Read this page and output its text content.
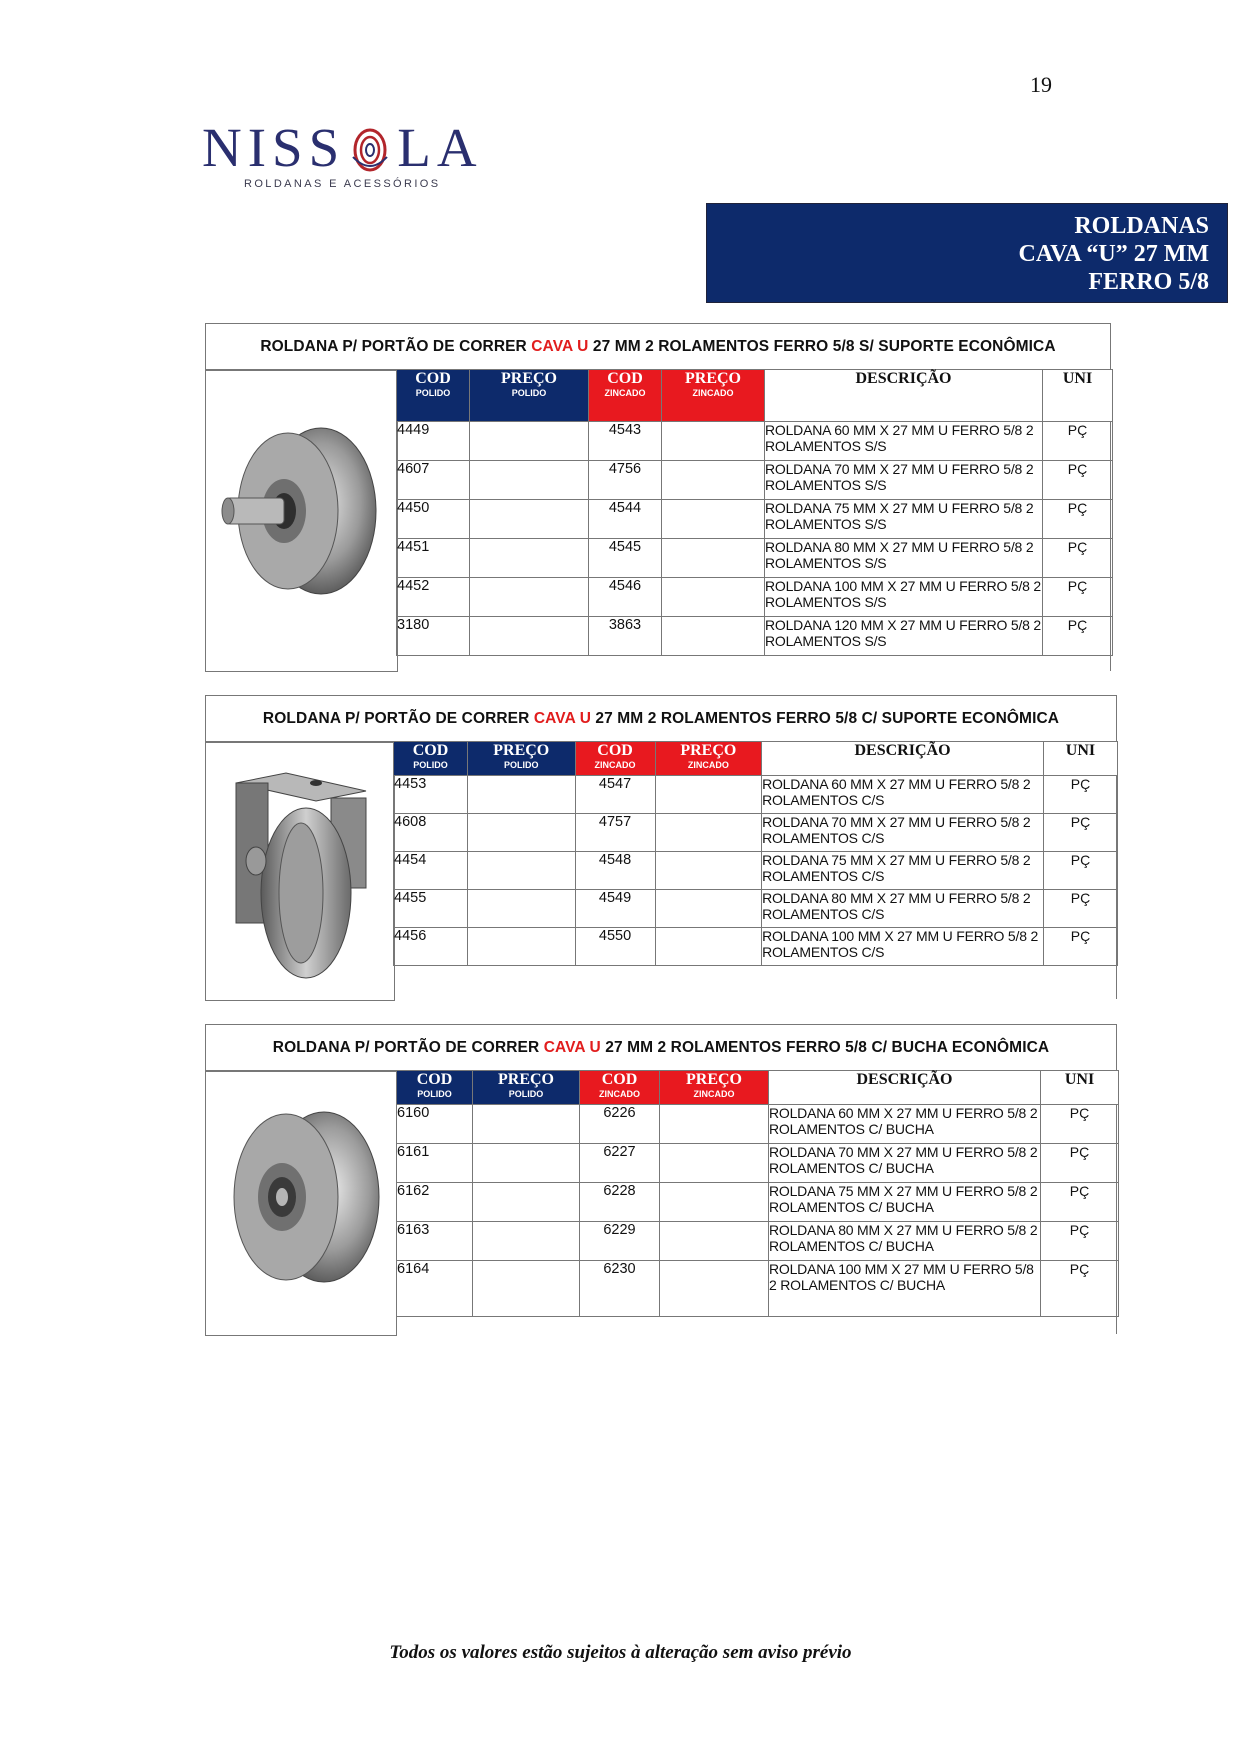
19
NISS LA
ROLDANAS E ACESSÓRIOS
ROLDANAS
CAVA “U” 27 MM
FERRO 5/8
ROLDANA P/ PORTÃO DE CORRER
CAVA U
27 MM 2 ROLAMENTOS FERRO 5/8 S/ SUPORTE ECONÔMICA
COD
POLIDO	PREÇO
POLIDO	COD
ZINCADO	PREÇO
ZINCADO	DESCRIÇÃO	UNI
4449		4543		ROLDANA 60 MM X 27 MM U FERRO 5/8 2 ROLAMENTOS S/S	PÇ
4607		4756		ROLDANA 70 MM X 27 MM U FERRO 5/8 2 ROLAMENTOS S/S	PÇ
4450		4544		ROLDANA 75 MM X 27 MM U FERRO 5/8 2 ROLAMENTOS S/S	PÇ
4451		4545		ROLDANA 80 MM X 27 MM U FERRO 5/8 2 ROLAMENTOS S/S	PÇ
4452		4546		ROLDANA 100 MM X 27 MM U FERRO 5/8 2 ROLAMENTOS S/S	PÇ
3180		3863		ROLDANA 120 MM X 27 MM U FERRO 5/8 2 ROLAMENTOS S/S	PÇ
ROLDANA P/ PORTÃO DE CORRER
CAVA U
27 MM 2 ROLAMENTOS FERRO 5/8 C/ SUPORTE ECONÔMICA
COD
POLIDO	PREÇO
POLIDO	COD
ZINCADO	PREÇO
ZINCADO	DESCRIÇÃO	UNI
4453		4547		ROLDANA 60 MM X 27 MM U FERRO 5/8 2 ROLAMENTOS C/S	PÇ
4608		4757		ROLDANA 70 MM X 27 MM U FERRO 5/8 2 ROLAMENTOS C/S	PÇ
4454		4548		ROLDANA 75 MM X 27 MM U FERRO 5/8 2 ROLAMENTOS C/S	PÇ
4455		4549		ROLDANA 80 MM X 27 MM U FERRO 5/8 2 ROLAMENTOS C/S	PÇ
4456		4550		ROLDANA 100 MM X 27 MM U FERRO 5/8 2 ROLAMENTOS C/S	PÇ
ROLDANA P/ PORTÃO DE CORRER
CAVA U
27 MM 2 ROLAMENTOS FERRO 5/8 C/ BUCHA ECONÔMICA
COD
POLIDO	PREÇO
POLIDO	COD
ZINCADO	PREÇO
ZINCADO	DESCRIÇÃO	UNI
6160		6226		ROLDANA 60 MM X 27 MM U FERRO 5/8 2 ROLAMENTOS C/ BUCHA	PÇ
6161		6227		ROLDANA 70 MM X 27 MM U FERRO 5/8 2 ROLAMENTOS C/ BUCHA	PÇ
6162		6228		ROLDANA 75 MM X 27 MM U FERRO 5/8 2 ROLAMENTOS C/ BUCHA	PÇ
6163		6229		ROLDANA 80 MM X 27 MM U FERRO 5/8 2 ROLAMENTOS C/ BUCHA	PÇ
6164		6230		ROLDANA 100 MM X 27 MM U FERRO 5/8 2 ROLAMENTOS C/ BUCHA	PÇ
Todos os valores estão sujeitos à alteração sem aviso prévio
